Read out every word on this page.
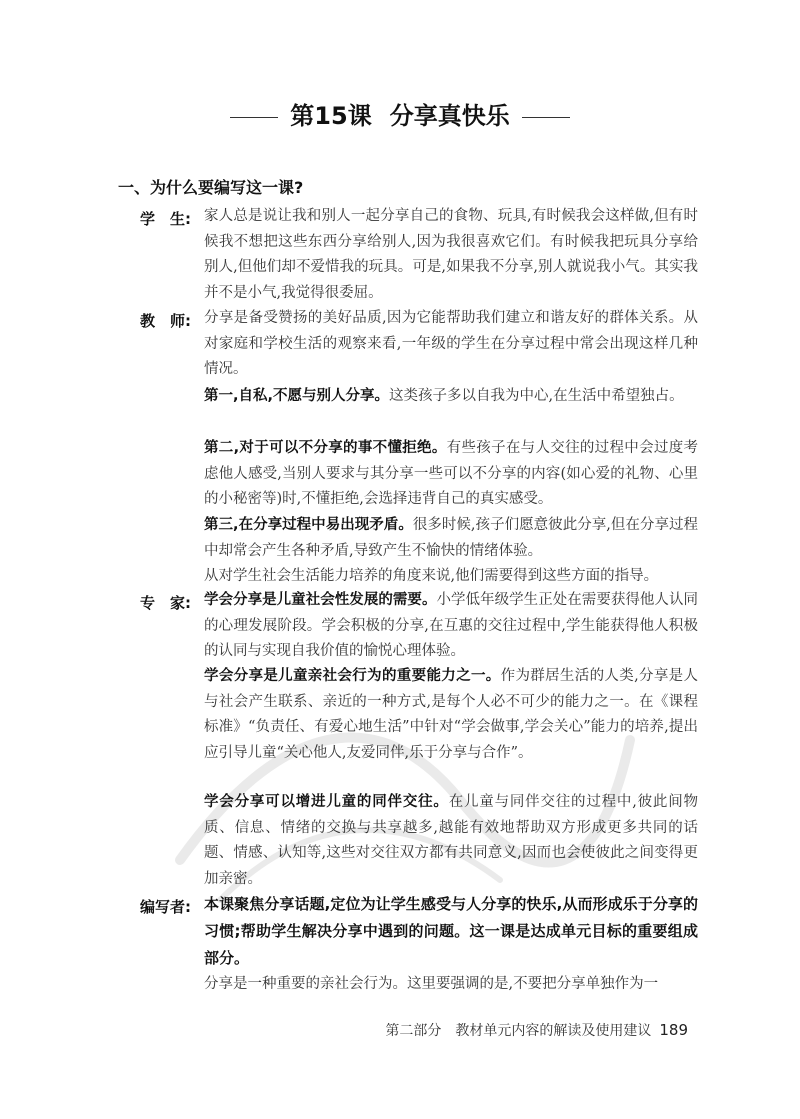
第15课 分享真快乐
一、为什么要编写这一课?
学　生: 家人总是说让我和别人一起分享自己的食物、玩具,有时候我会这样做,但有时候我不想把这些东西分享给别人,因为我很喜欢它们。有时候我把玩具分享给别人,但他们却不爱惜我的玩具。可是,如果我不分享,别人就说我小气。其实我并不是小气,我觉得很委屈。
教　师: 分享是备受赞扬的美好品质,因为它能帮助我们建立和谐友好的群体关系。从对家庭和学校生活的观察来看,一年级的学生在分享过程中常会出现这样几种情况。
第一,自私,不愿与别人分享。这类孩子多以自我为中心,在生活中希望独占。
第二,对于可以不分享的事不懂拒绝。有些孩子在与人交往的过程中会过度考虑他人感受,当别人要求与其分享一些可以不分享的内容(如心爱的礼物、心里的小秘密等)时,不懂拒绝,会选择违背自己的真实感受。
第三,在分享过程中易出现矛盾。很多时候,孩子们愿意彼此分享,但在分享过程中却常会产生各种矛盾,导致产生不愉快的情绪体验。
从对学生社会生活能力培养的角度来说,他们需要得到这些方面的指导。
专　家: 学会分享是儿童社会性发展的需要。小学低年级学生正处在需要获得他人认同的心理发展阶段。学会积极的分享,在互惠的交往过程中,学生能获得他人积极的认同与实现自我价值的愉悦心理体验。
学会分享是儿童亲社会行为的重要能力之一。作为群居生活的人类,分享是人与社会产生联系、亲近的一种方式,是每个人必不可少的能力之一。在《课程标准》“负责任、有爱心地生活”中针对“学会做事,学会关心”能力的培养,提出应引导儿童“关心他人,友爱同伴,乐于分享与合作”。
学会分享可以增进儿童的同伴交往。在儿童与同伴交往的过程中,彼此间物质、信息、情绪的交换与共享越多,越能有效地帮助双方形成更多共同的话题、情感、认知等,这些对交往双方都有共同意义,因而也会使彼此之间变得更加亲密。
编写者: 本课聚焦分享话题,定位为让学生感受与人分享的快乐,从而形成乐于分享的习惯;帮助学生解决分享中遇到的问题。这一课是达成单元目标的重要组成部分。
分享是一种重要的亲社会行为。这里要强调的是,不要把分享单独作为一
第二部分　教材单元内容的解读及使用建议 189
